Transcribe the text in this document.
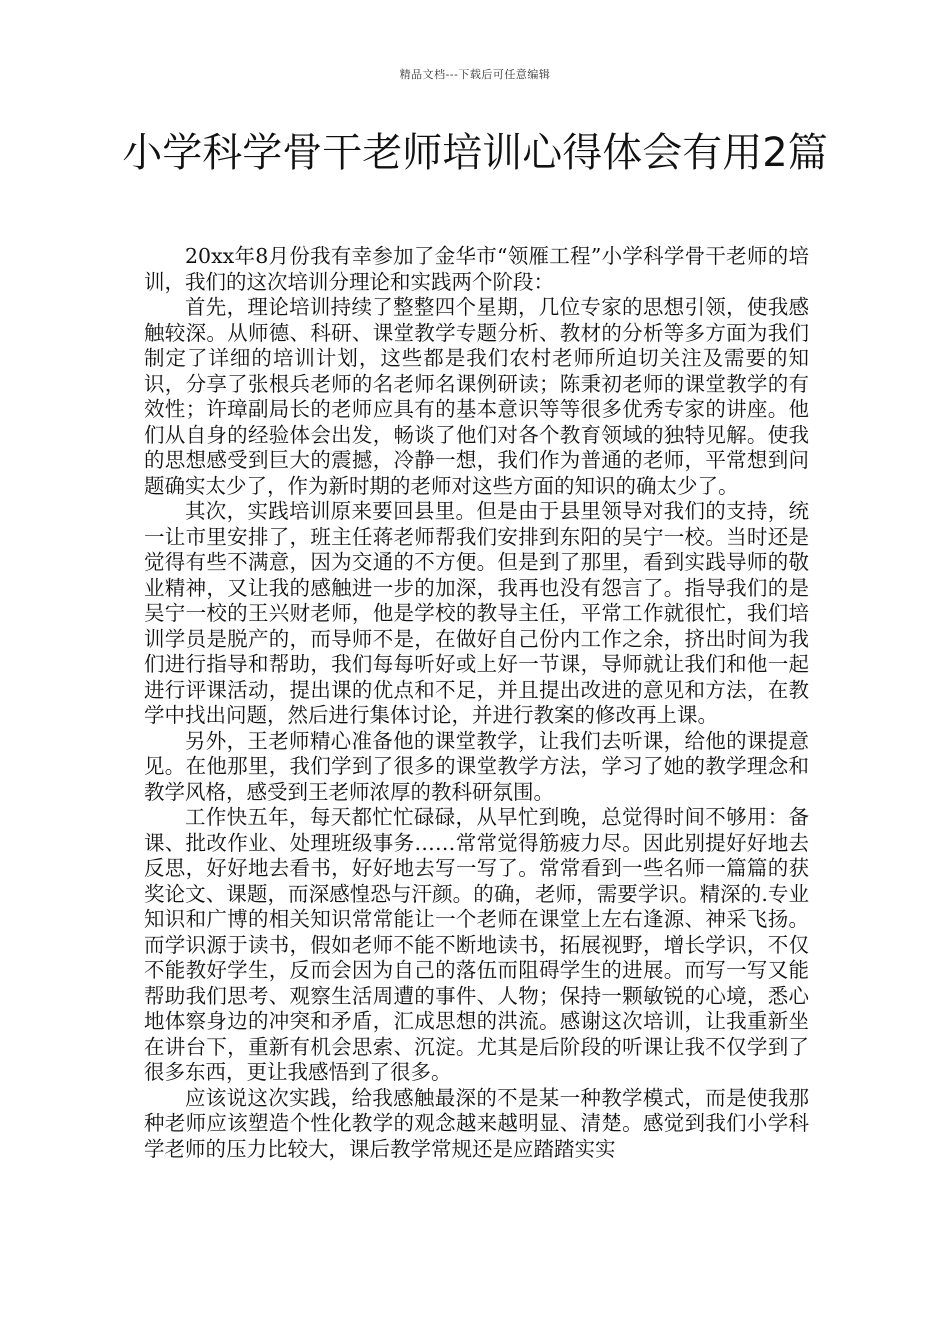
精品文档---下载后可任意编辑
小学科学骨干老师培训心得体会有用2篇

20xx年8月份我有幸参加了金华市“领雁工程”小学科学骨干老师的培训，我们的这次培训分理论和实践两个阶段：

首先，理论培训持续了整整四个星期，几位专家的思想引领，使我感触较深。从师德、科研、课堂教学专题分析、教材的分析等多方面为我们制定了详细的培训计划，这些都是我们农村老师所迫切关注及需要的知识，分享了张根兵老师的名老师名课例研读；陈秉初老师的课堂教学的有效性；许璋副局长的老师应具有的基本意识等等很多优秀专家的讲座。他们从自身的经验体会出发，畅谈了他们对各个教育领域的独特见解。使我的思想感受到巨大的震撼，冷静一想，我们作为普通的老师，平常想到问题确实太少了，作为新时期的老师对这些方面的知识的确太少了。

其次，实践培训原来要回县里。但是由于县里领导对我们的支持，统一让市里安排了，班主任蒋老师帮我们安排到东阳的吴宁一校。当时还是觉得有些不满意，因为交通的不方便。但是到了那里，看到实践导师的敬业精神，又让我的感触进一步的加深，我再也没有怨言了。指导我们的是吴宁一校的王兴财老师，他是学校的教导主任，平常工作就很忙，我们培训学员是脱产的，而导师不是，在做好自己份内工作之余，挤出时间为我们进行指导和帮助，我们每每听好或上好一节课，导师就让我们和他一起进行评课活动，提出课的优点和不足，并且提出改进的意见和方法，在教学中找出问题，然后进行集体讨论，并进行教案的修改再上课。

另外，王老师精心准备他的课堂教学，让我们去听课，给他的课提意见。在他那里，我们学到了很多的课堂教学方法，学习了她的教学理念和教学风格，感受到王老师浓厚的教科研氛围。

工作快五年，每天都忙忙碌碌，从早忙到晚，总觉得时间不够用：备课、批改作业、处理班级事务……常常觉得筋疲力尽。因此别提好好地去反思，好好地去看书，好好地去写一写了。常常看到一些名师一篇篇的获奖论文、课题，而深感惶恐与汗颜。的确，老师，需要学识。精深的.专业知识和广博的相关知识常常能让一个老师在课堂上左右逢源、神采飞扬。而学识源于读书，假如老师不能不断地读书，拓展视野，增长学识，不仅不能教好学生，反而会因为自己的落伍而阻碍学生的进展。而写一写又能帮助我们思考、观察生活周遭的事件、人物；保持一颗敏锐的心境，悉心地体察身边的冲突和矛盾，汇成思想的洪流。感谢这次培训，让我重新坐在讲台下，重新有机会思索、沉淀。尤其是后阶段的听课让我不仅学到了很多东西，更让我感悟到了很多。

应该说这次实践，给我感触最深的不是某一种教学模式，而是使我那种老师应该塑造个性化教学的观念越来越明显、清楚。感觉到我们小学科学老师的压力比较大，课后教学常规还是应踏踏实实
